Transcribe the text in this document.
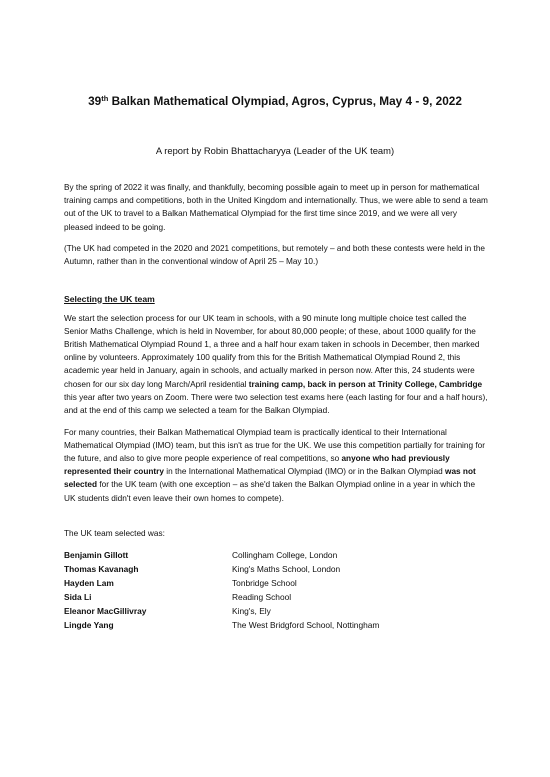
39th Balkan Mathematical Olympiad, Agros, Cyprus, May 4 - 9, 2022
A report by Robin Bhattacharyya (Leader of the UK team)

By the spring of 2022 it was finally, and thankfully, becoming possible again to meet up in person for mathematical training camps and competitions, both in the United Kingdom and internationally. Thus, we were able to send a team out of the UK to travel to a Balkan Mathematical Olympiad for the first time since 2019, and we were all very pleased indeed to be going.

(The UK had competed in the 2020 and 2021 competitions, but remotely – and both these contests were held in the Autumn, rather than in the conventional window of April 25 – May 10.)

Selecting the UK team

We start the selection process for our UK team in schools, with a 90 minute long multiple choice test called the Senior Maths Challenge, which is held in November, for about 80,000 people; of these, about 1000 qualify for the British Mathematical Olympiad Round 1, a three and a half hour exam taken in schools in December, then marked online by volunteers. Approximately 100 qualify from this for the British Mathematical Olympiad Round 2, this academic year held in January, again in schools, and actually marked in person now. After this, 24 students were chosen for our six day long March/April residential training camp, back in person at Trinity College, Cambridge this year after two years on Zoom. There were two selection test exams here (each lasting for four and a half hours), and at the end of this camp we selected a team for the Balkan Olympiad.

For many countries, their Balkan Mathematical Olympiad team is practically identical to their International Mathematical Olympiad (IMO) team, but this isn't as true for the UK. We use this competition partially for training for the future, and also to give more people experience of real competitions, so anyone who had previously represented their country in the International Mathematical Olympiad (IMO) or in the Balkan Olympiad was not selected for the UK team (with one exception – as she'd taken the Balkan Olympiad online in a year in which the UK students didn't even leave their own homes to compete).

The UK team selected was:

Benjamin Gillott	Collingham College, London
Thomas Kavanagh	King's Maths School, London
Hayden Lam	Tonbridge School
Sida Li	Reading School
Eleanor MacGillivray	King's, Ely
Lingde Yang	The West Bridgford School, Nottingham
